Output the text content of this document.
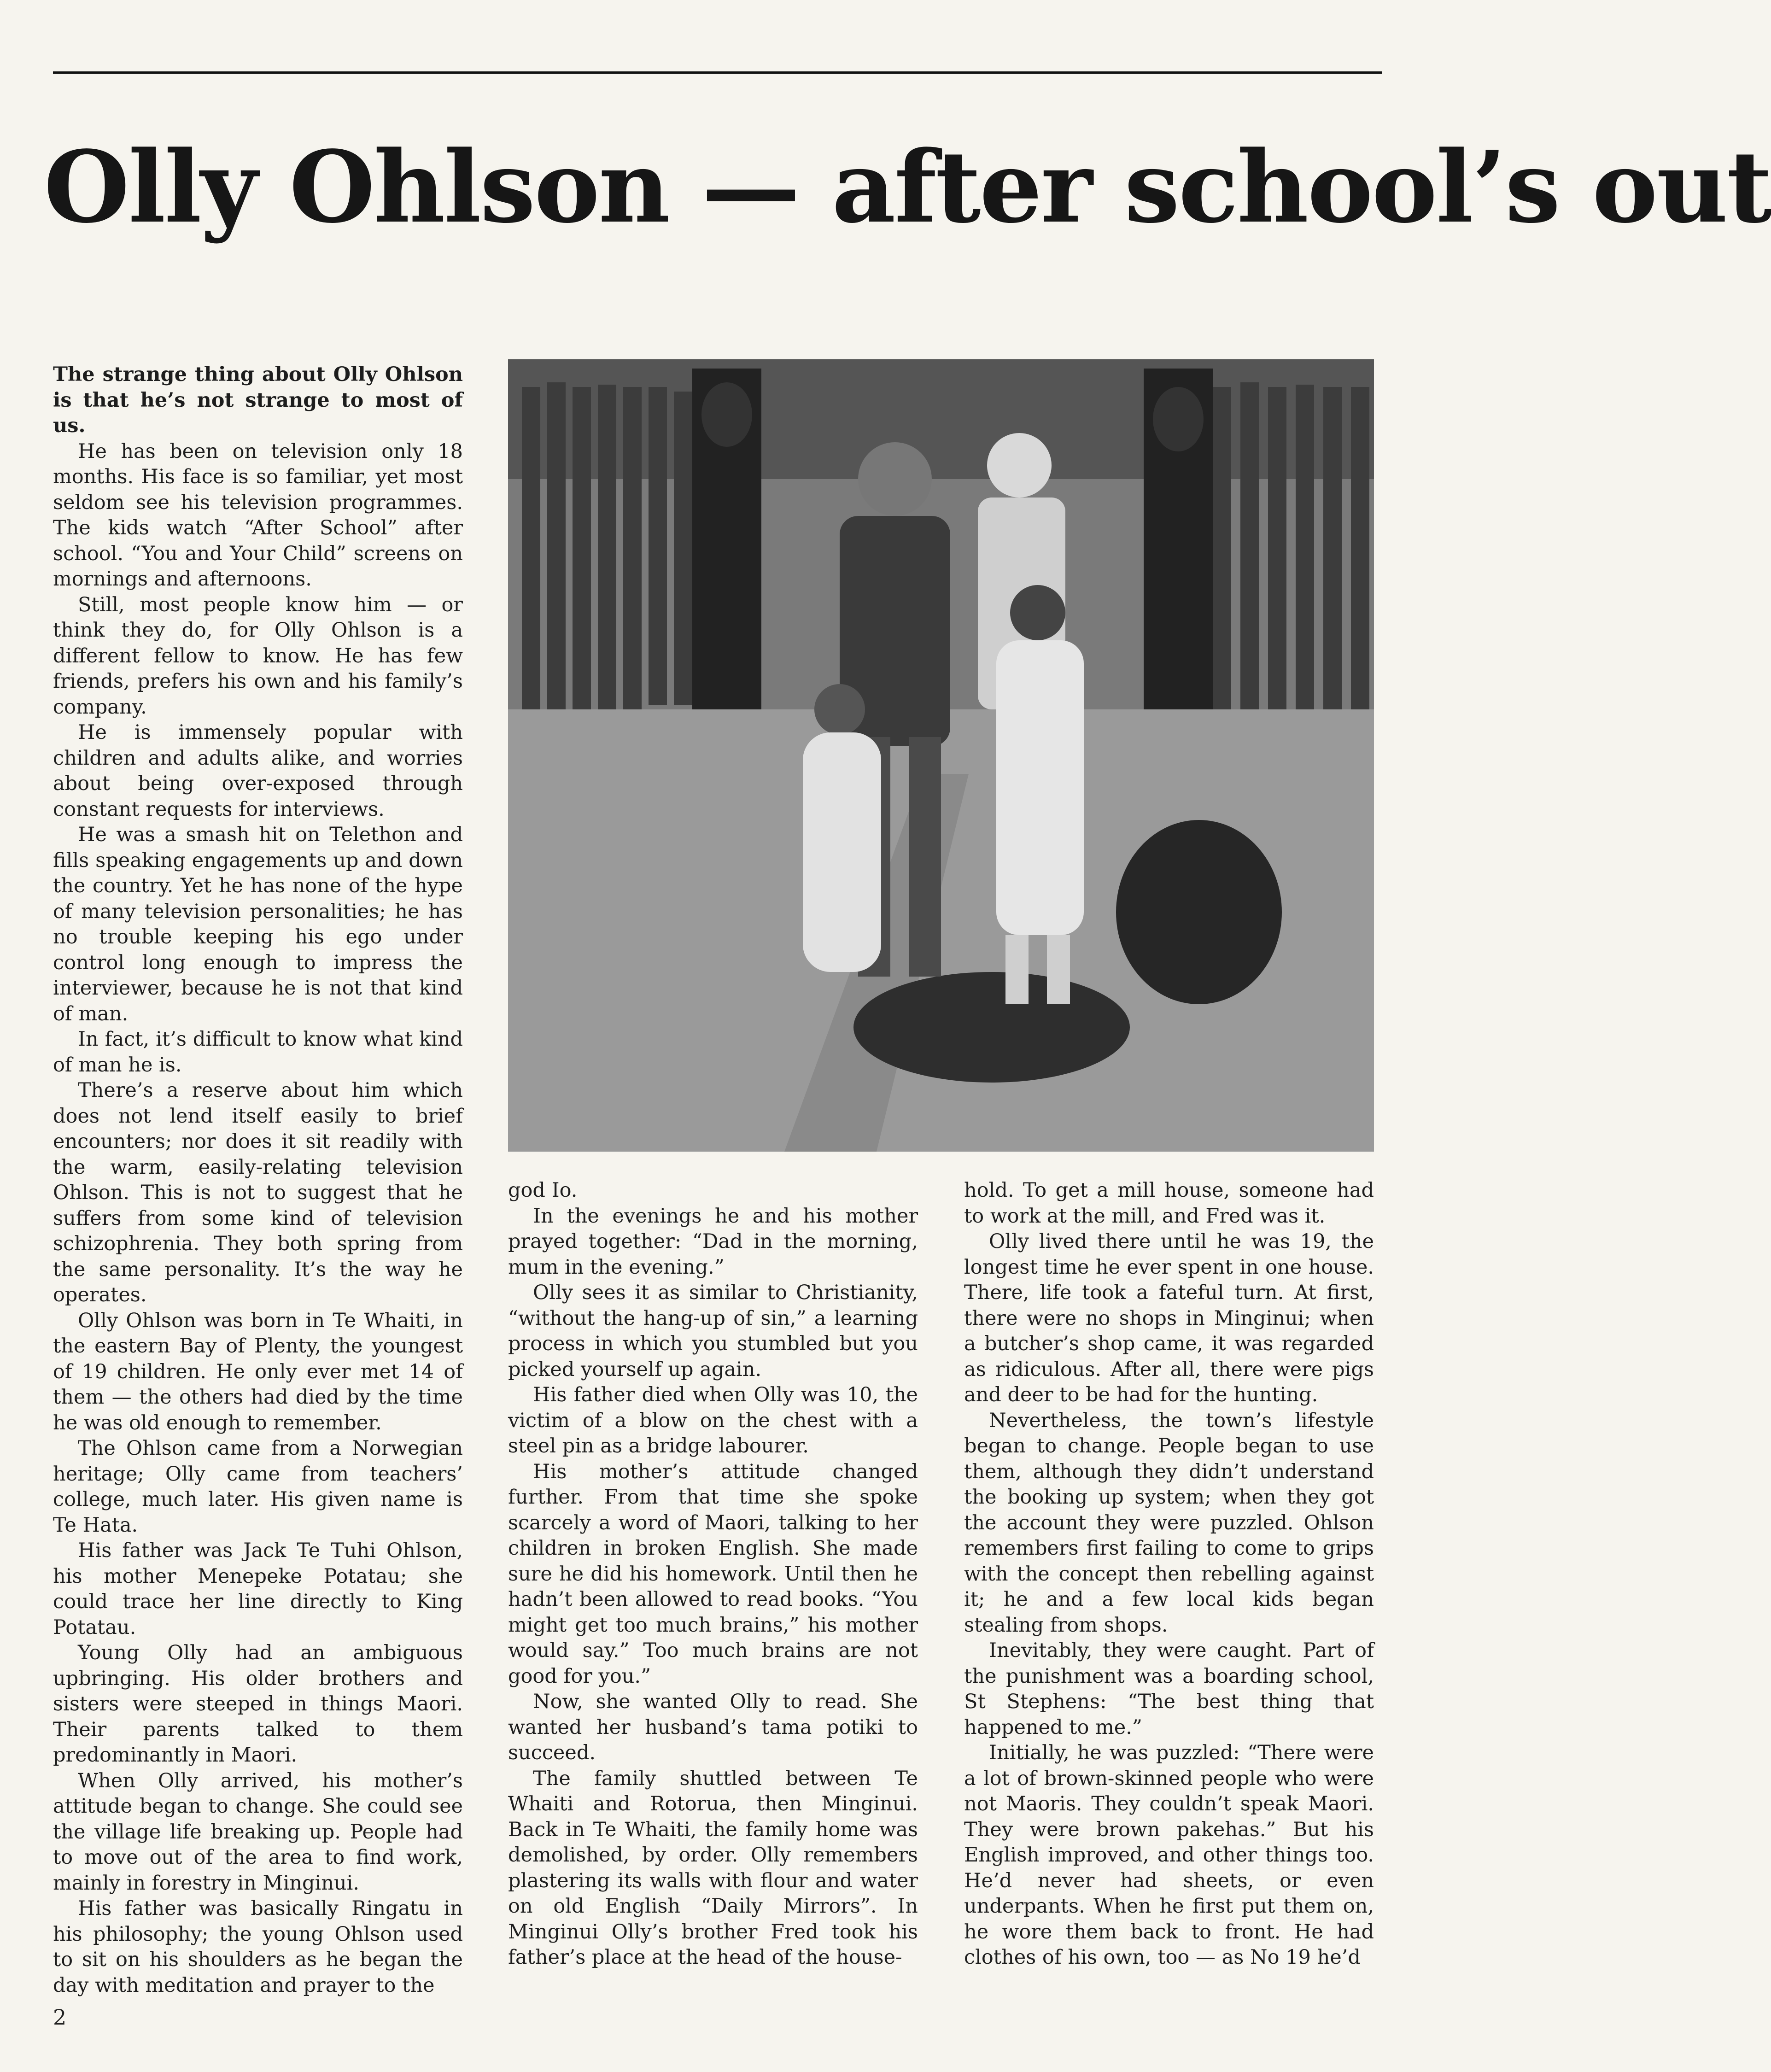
Olly Ohlson — after school’s out

The strange thing about Olly Ohlson is that he’s not strange to most of us.

He has been on television only 18 months. His face is so familiar, yet most seldom see his television programmes. The kids watch “After School” after school. “You and Your Child” screens on mornings and afternoons.

Still, most people know him — or think they do, for Olly Ohlson is a different fellow to know. He has few friends, prefers his own and his family’s company.

He is immensely popular with children and adults alike, and worries about being over-exposed through constant requests for interviews.

He was a smash hit on Telethon and fills speaking engagements up and down the country. Yet he has none of the hype of many television personalities; he has no trouble keeping his ego under control long enough to impress the interviewer, because he is not that kind of man.

In fact, it’s difficult to know what kind of man he is.

There’s a reserve about him which does not lend itself easily to brief encounters; nor does it sit readily with the warm, easily-relating television Ohlson. This is not to suggest that he suffers from some kind of television schizophrenia. They both spring from the same personality. It’s the way he operates.

Olly Ohlson was born in Te Whaiti, in the eastern Bay of Plenty, the youngest of 19 children. He only ever met 14 of them — the others had died by the time he was old enough to remember.

The Ohlson came from a Norwegian heritage; Olly came from teachers’ college, much later. His given name is Te Hata.

His father was Jack Te Tuhi Ohlson, his mother Menepeke Potatau; she could trace her line directly to King Potatau.

Young Olly had an ambiguous upbringing. His older brothers and sisters were steeped in things Maori. Their parents talked to them predominantly in Maori.

When Olly arrived, his mother’s attitude began to change. She could see the village life breaking up. People had to move out of the area to find work, mainly in forestry in Minginui.

His father was basically Ringatu in his philosophy; the young Ohlson used to sit on his shoulders as he began the day with meditation and prayer to the

god Io.

In the evenings he and his mother prayed together: “Dad in the morning, mum in the evening.”

Olly sees it as similar to Christianity, “without the hang-up of sin,” a learning process in which you stumbled but you picked yourself up again.

His father died when Olly was 10, the victim of a blow on the chest with a steel pin as a bridge labourer.

His mother’s attitude changed further. From that time she spoke scarcely a word of Maori, talking to her children in broken English. She made sure he did his homework. Until then he hadn’t been allowed to read books. “You might get too much brains,” his mother would say.” Too much brains are not good for you.”

Now, she wanted Olly to read. She wanted her husband’s tama potiki to succeed.

The family shuttled between Te Whaiti and Rotorua, then Minginui. Back in Te Whaiti, the family home was demolished, by order. Olly remembers plastering its walls with flour and water on old English “Daily Mirrors”. In Minginui Olly’s brother Fred took his father’s place at the head of the house-

hold. To get a mill house, someone had to work at the mill, and Fred was it.

Olly lived there until he was 19, the longest time he ever spent in one house. There, life took a fateful turn. At first, there were no shops in Minginui; when a butcher’s shop came, it was regarded as ridiculous. After all, there were pigs and deer to be had for the hunting.

Nevertheless, the town’s lifestyle began to change. People began to use them, although they didn’t understand the booking up system; when they got the account they were puzzled. Ohlson remembers first failing to come to grips with the concept then rebelling against it; he and a few local kids began stealing from shops.

Inevitably, they were caught. Part of the punishment was a boarding school, St Stephens: “The best thing that happened to me.”

Initially, he was puzzled: “There were a lot of brown-skinned people who were not Maoris. They couldn’t speak Maori. They were brown pakehas.” But his English improved, and other things too. He’d never had sheets, or even underpants. When he first put them on, he wore them back to front. He had clothes of his own, too — as No 19 he’d

2
